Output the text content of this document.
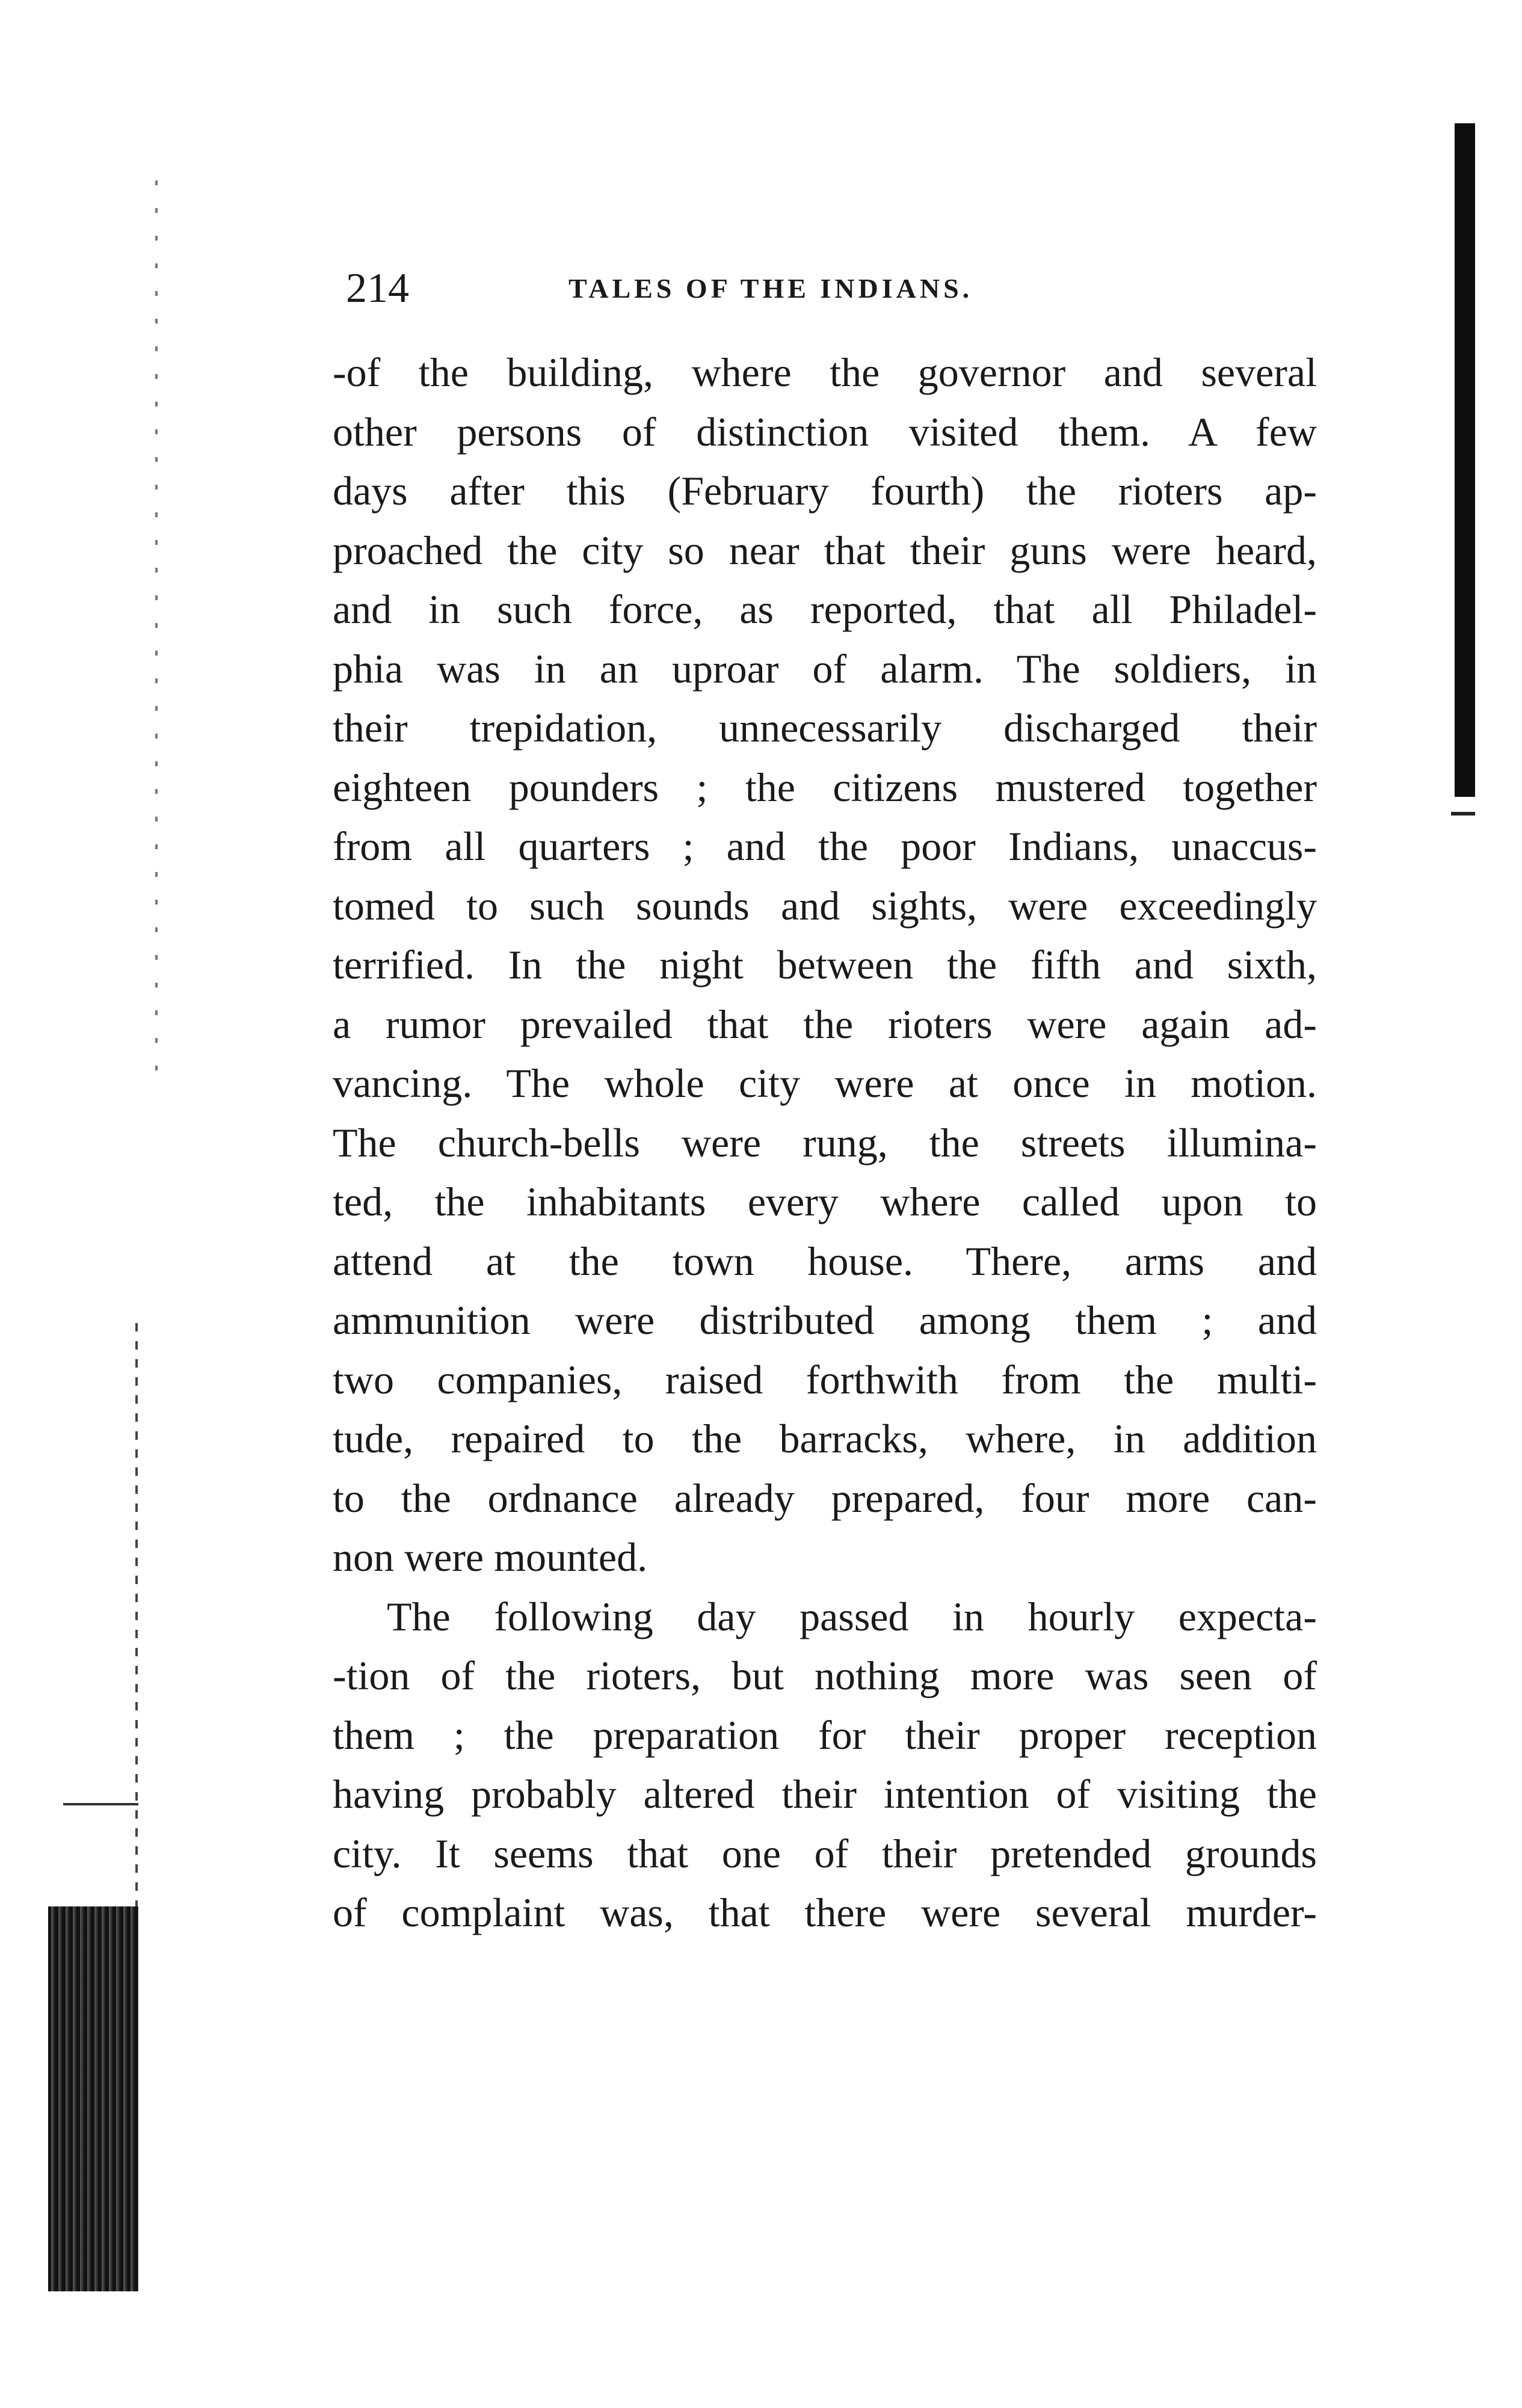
214	TALES OF THE INDIANS.
-of the building, where the governor and several
other persons of distinction visited them. A few
days after this (February fourth) the rioters ap-
proached the city so near that their guns were heard,
and in such force, as reported, that all Philadel-
phia was in an uproar of alarm. The soldiers, in
their trepidation, unnecessarily discharged their
eighteen pounders ; the citizens mustered together
from all quarters ; and the poor Indians, unaccus-
tomed to such sounds and sights, were exceedingly
terrified. In the night between the fifth and sixth,
a rumor prevailed that the rioters were again ad-
vancing. The whole city were at once in motion.
The church-bells were rung, the streets illumina-
ted, the inhabitants every where called upon to
attend at the town house. There, arms and
ammunition were distributed among them ; and
two companies, raised forthwith from the multi-
tude, repaired to the barracks, where, in addition
to the ordnance already prepared, four more can-
non were mounted.
The following day passed in hourly expecta-
-tion of the rioters, but nothing more was seen of
them ; the preparation for their proper reception
having probably altered their intention of visiting the
city. It seems that one of their pretended grounds
of complaint was, that there were several murder-
